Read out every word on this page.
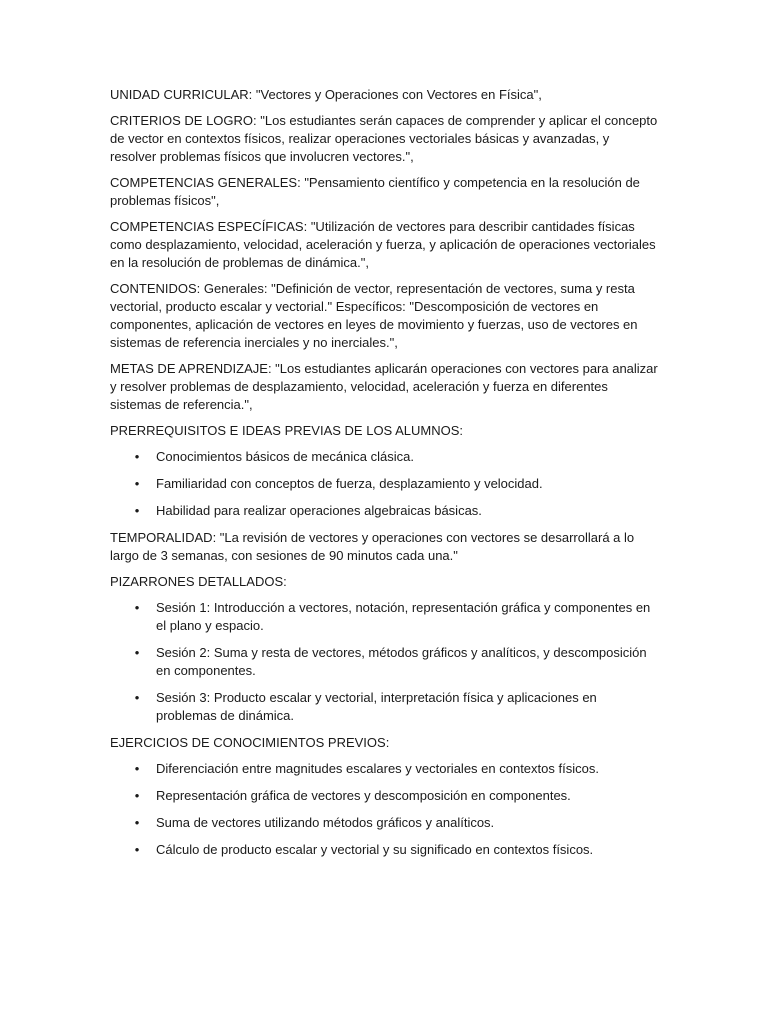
UNIDAD CURRICULAR: "Vectores y Operaciones con Vectores en Física",

CRITERIOS DE LOGRO: "Los estudiantes serán capaces de comprender y aplicar el concepto de vector en contextos físicos, realizar operaciones vectoriales básicas y avanzadas, y resolver problemas físicos que involucren vectores.",

COMPETENCIAS GENERALES: "Pensamiento científico y competencia en la resolución de problemas físicos",

COMPETENCIAS ESPECÍFICAS: "Utilización de vectores para describir cantidades físicas como desplazamiento, velocidad, aceleración y fuerza, y aplicación de operaciones vectoriales en la resolución de problemas de dinámica.",

CONTENIDOS: Generales: "Definición de vector, representación de vectores, suma y resta vectorial, producto escalar y vectorial." Específicos: "Descomposición de vectores en componentes, aplicación de vectores en leyes de movimiento y fuerzas, uso de vectores en sistemas de referencia inerciales y no inerciales.",

METAS DE APRENDIZAJE: "Los estudiantes aplicarán operaciones con vectores para analizar y resolver problemas de desplazamiento, velocidad, aceleración y fuerza en diferentes sistemas de referencia.",

PRERREQUISITOS E IDEAS PREVIAS DE LOS ALUMNOS:

• Conocimientos básicos de mecánica clásica.
• Familiaridad con conceptos de fuerza, desplazamiento y velocidad.
• Habilidad para realizar operaciones algebraicas básicas.

TEMPORALIDAD: "La revisión de vectores y operaciones con vectores se desarrollará a lo largo de 3 semanas, con sesiones de 90 minutos cada una."

PIZARRONES DETALLADOS:

• Sesión 1: Introducción a vectores, notación, representación gráfica y componentes en el plano y espacio.
• Sesión 2: Suma y resta de vectores, métodos gráficos y analíticos, y descomposición en componentes.
• Sesión 3: Producto escalar y vectorial, interpretación física y aplicaciones en problemas de dinámica.

EJERCICIOS DE CONOCIMIENTOS PREVIOS:

• Diferenciación entre magnitudes escalares y vectoriales en contextos físicos.
• Representación gráfica de vectores y descomposición en componentes.
• Suma de vectores utilizando métodos gráficos y analíticos.
• Cálculo de producto escalar y vectorial y su significado en contextos físicos.
